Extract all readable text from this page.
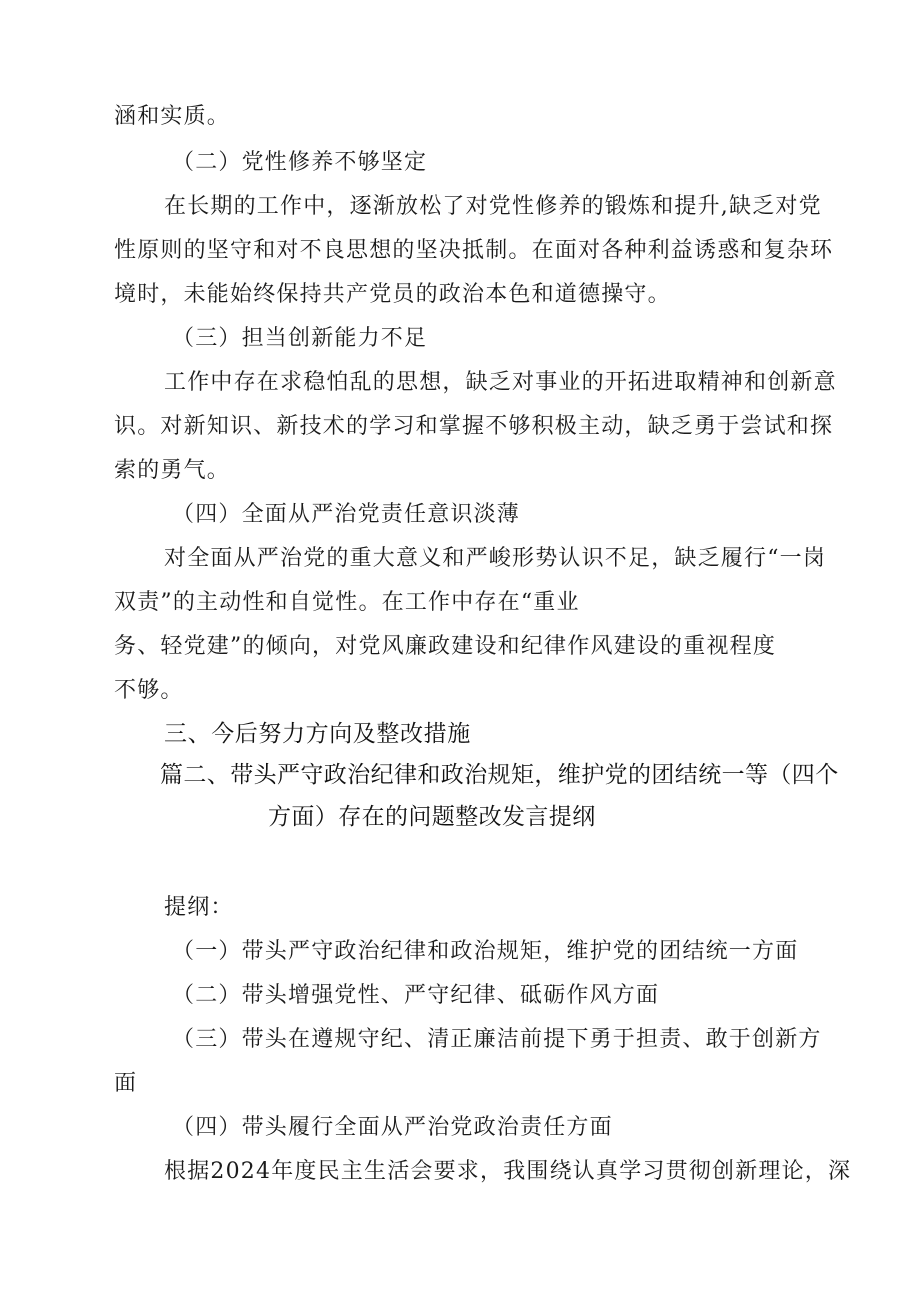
涵和实质。
（二）党性修养不够坚定
在长期的工作中，逐渐放松了对党性修养的锻炼和提升,缺乏对党
性原则的坚守和对不良思想的坚决抵制。在面对各种利益诱惑和复杂环
境时，未能始终保持共产党员的政治本色和道德操守。
（三）担当创新能力不足
工作中存在求稳怕乱的思想，缺乏对事业的开拓进取精神和创新意
识。对新知识、新技术的学习和掌握不够积极主动，缺乏勇于尝试和探
索的勇气。
（四）全面从严治党责任意识淡薄
对全面从严治党的重大意义和严峻形势认识不足，缺乏履行“一岗
双责”的主动性和自觉性。在工作中存在“重业
务、轻党建”的倾向，对党风廉政建设和纪律作风建设的重视程度
不够。
三、今后努力方向及整改措施
篇二、带头严守政治纪律和政治规矩，维护党的团结统一等（四个
方面）存在的问题整改发言提纲
提纲：
（一）带头严守政治纪律和政治规矩，维护党的团结统一方面
（二）带头增强党性、严守纪律、砥砺作风方面
（三）带头在遵规守纪、清正廉洁前提下勇于担责、敢于创新方
面
（四）带头履行全面从严治党政治责任方面
根据2024年度民主生活会要求，我围绕认真学习贯彻创新理论，深
